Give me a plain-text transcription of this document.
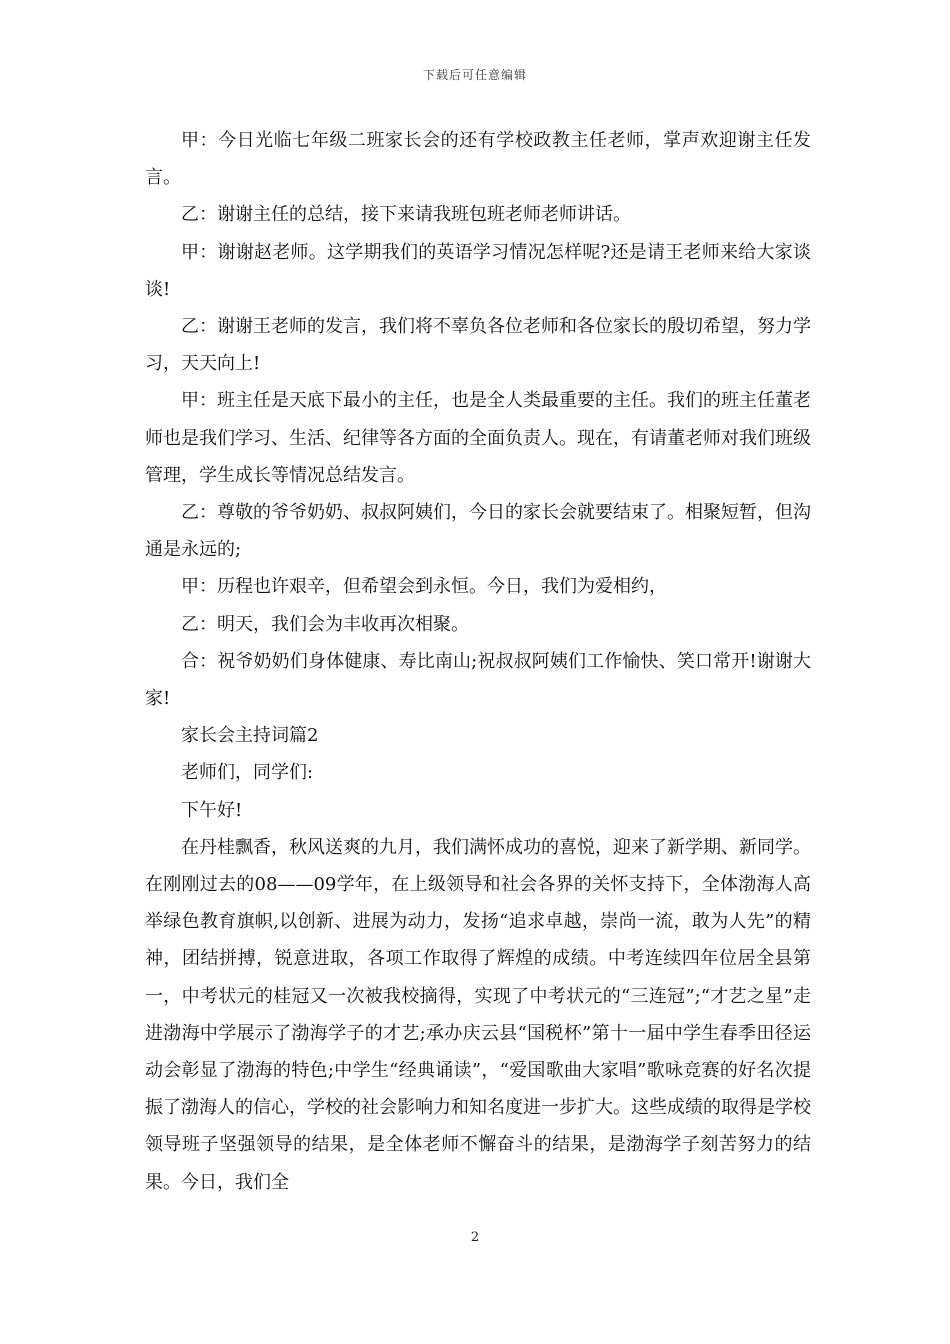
下载后可任意编辑

甲：今日光临七年级二班家长会的还有学校政教主任老师，掌声欢迎谢主任发言。

乙：谢谢主任的总结，接下来请我班包班老师老师讲话。

甲：谢谢赵老师。这学期我们的英语学习情况怎样呢?还是请王老师来给大家谈谈!

乙：谢谢王老师的发言，我们将不辜负各位老师和各位家长的殷切希望，努力学习，天天向上!

甲：班主任是天底下最小的主任，也是全人类最重要的主任。我们的班主任董老师也是我们学习、生活、纪律等各方面的全面负责人。现在，有请董老师对我们班级管理，学生成长等情况总结发言。

乙：尊敬的爷爷奶奶、叔叔阿姨们，今日的家长会就要结束了。相聚短暂，但沟通是永远的;

甲：历程也许艰辛，但希望会到永恒。今日，我们为爱相约，

乙：明天，我们会为丰收再次相聚。

合：祝爷奶奶们身体健康、寿比南山;祝叔叔阿姨们工作愉快、笑口常开!谢谢大家!

家长会主持词篇2

老师们，同学们:

下午好!

在丹桂飘香，秋风送爽的九月，我们满怀成功的喜悦，迎来了新学期、新同学。在刚刚过去的08——09学年，在上级领导和社会各界的关怀支持下，全体渤海人高举绿色教育旗帜,以创新、进展为动力，发扬“追求卓越，崇尚一流，敢为人先”的精神，团结拼搏，锐意进取，各项工作取得了辉煌的成绩。中考连续四年位居全县第一，中考状元的桂冠又一次被我校摘得，实现了中考状元的“三连冠”;“才艺之星”走进渤海中学展示了渤海学子的才艺;承办庆云县“国税杯”第十一届中学生春季田径运动会彰显了渤海的特色;中学生“经典诵读”，“爱国歌曲大家唱”歌咏竞赛的好名次提振了渤海人的信心，学校的社会影响力和知名度进一步扩大。这些成绩的取得是学校领导班子坚强领导的结果，是全体老师不懈奋斗的结果，是渤海学子刻苦努力的结果。今日，我们全

2
